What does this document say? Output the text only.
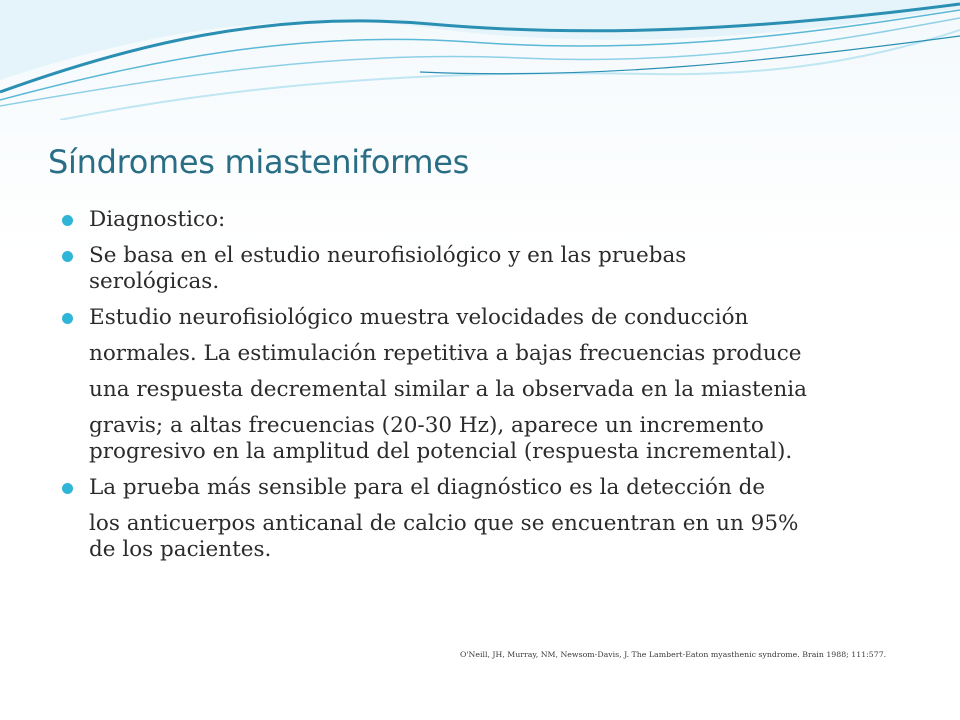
Síndromes miasteniformes
Diagnostico:
Se basa en el estudio neurofisiológico y en las pruebas
serológicas.
Estudio neurofisiológico muestra velocidades de conducción
normales. La estimulación repetitiva a bajas frecuencias produce
una respuesta decremental similar a la observada en la miastenia
gravis; a altas frecuencias (20-30 Hz), aparece un incremento
progresivo en la amplitud del potencial (respuesta incremental).
La prueba más sensible para el diagnóstico es la detección de
los anticuerpos anticanal de calcio que se encuentran en un 95%
de los pacientes.

O'Neill, JH, Murray, NM, Newsom-Davis, J. The Lambert-Eaton myasthenic syndrome. Brain 1988; 111:577.
